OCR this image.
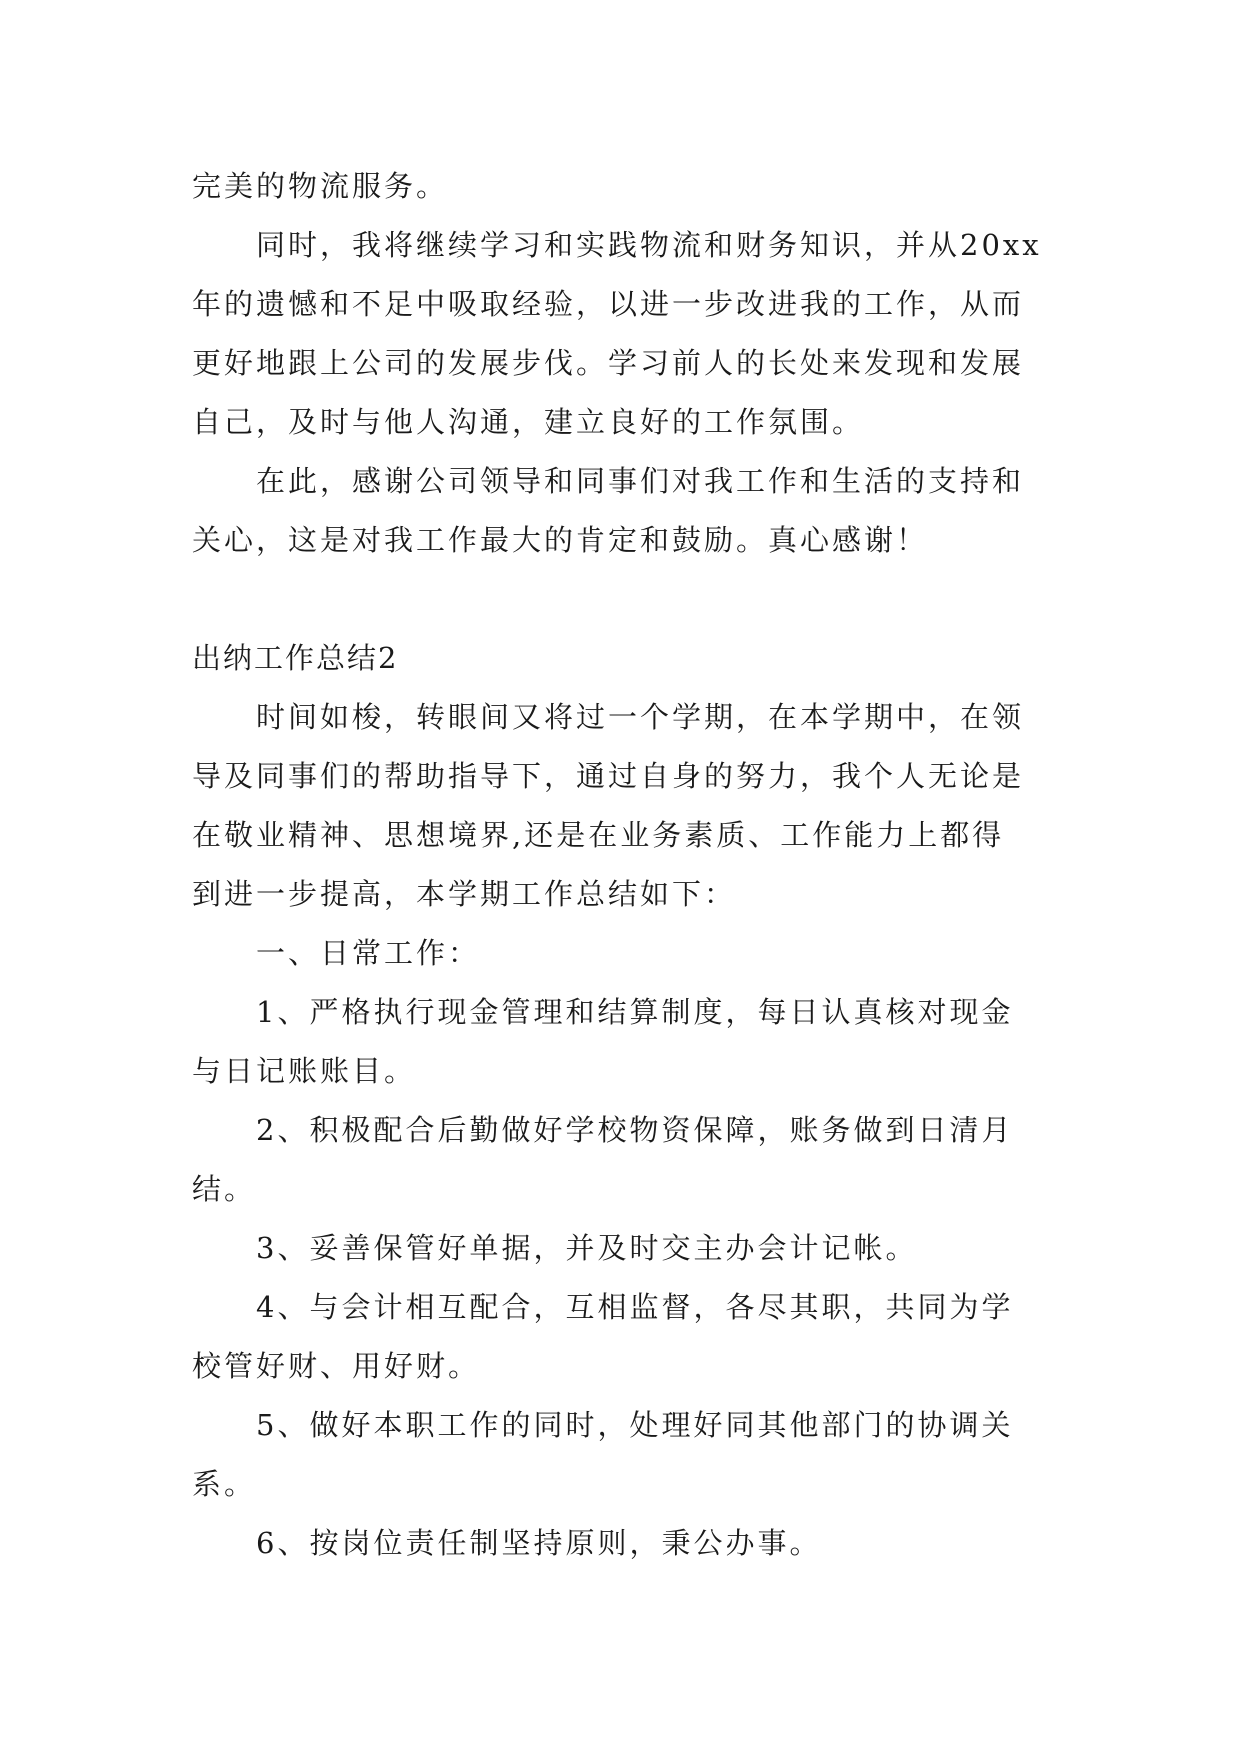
完美的物流服务。
同时，我将继续学习和实践物流和财务知识，并从20xx
年的遗憾和不足中吸取经验，以进一步改进我的工作，从而
更好地跟上公司的发展步伐。学习前人的长处来发现和发展
自己，及时与他人沟通，建立良好的工作氛围。
在此，感谢公司领导和同事们对我工作和生活的支持和
关心，这是对我工作最大的肯定和鼓励。真心感谢！
出纳工作总结2
时间如梭，转眼间又将过一个学期，在本学期中，在领
导及同事们的帮助指导下，通过自身的努力，我个人无论是
在敬业精神、思想境界,还是在业务素质、工作能力上都得
到进一步提高，本学期工作总结如下：
一、日常工作：
1、严格执行现金管理和结算制度，每日认真核对现金
与日记账账目。
2、积极配合后勤做好学校物资保障，账务做到日清月
结。
3、妥善保管好单据，并及时交主办会计记帐。
4、与会计相互配合，互相监督，各尽其职，共同为学
校管好财、用好财。
5、做好本职工作的同时，处理好同其他部门的协调关
系。
6、按岗位责任制坚持原则，秉公办事。
